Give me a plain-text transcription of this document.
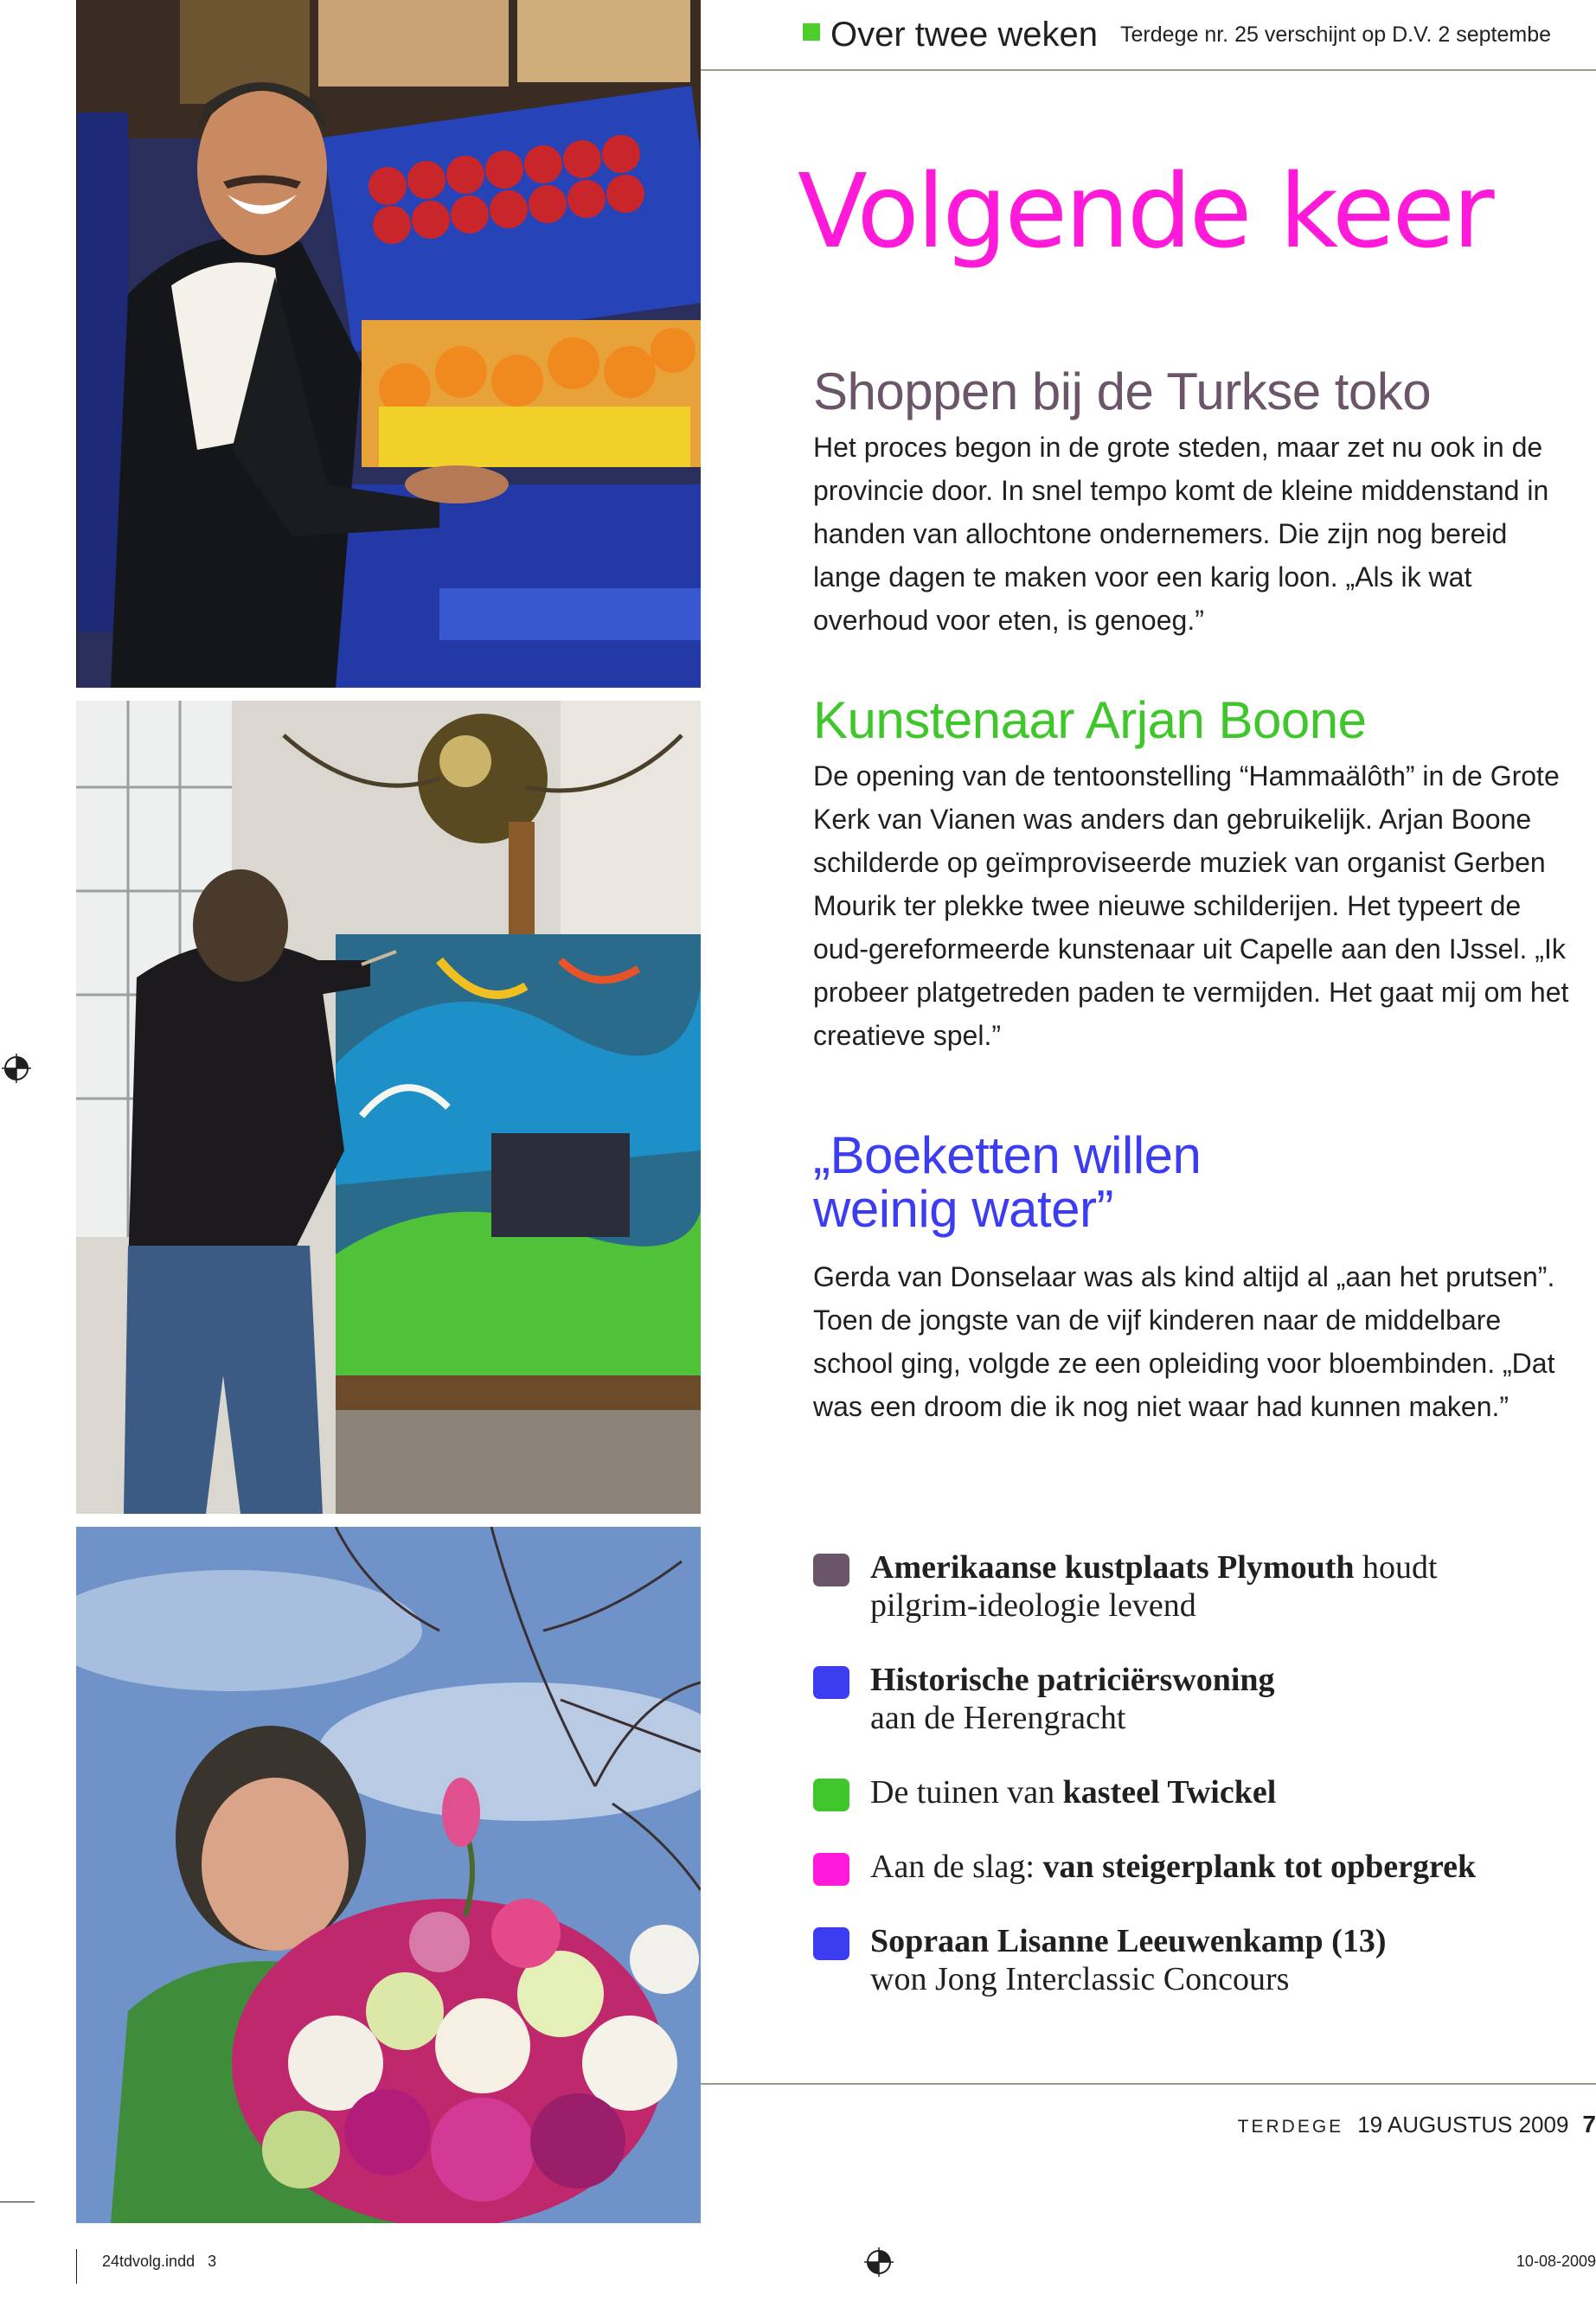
Over twee weken Terdege nr. 25 verschijnt op D.V. 2 septembe
Volgende keer
Shoppen bij de Turkse toko

Het proces begon in de grote steden, maar zet nu ook in de provincie door. In snel tempo komt de kleine middenstand in handen van allochtone ondernemers. Die zijn nog bereid lange dagen te maken voor een karig loon. „Als ik wat overhoud voor eten, is genoeg.”

Kunstenaar Arjan Boone

De opening van de tentoonstelling “Hammaälôth” in de Grote Kerk van Vianen was anders dan gebruikelijk. Arjan Boone schilderde op geïmproviseerde muziek van organist Gerben Mourik ter plekke twee nieuwe schilderijen. Het typeert de oud-gereformeerde kunstenaar uit Capelle aan den IJssel. „Ik probeer platgetreden paden te vermijden. Het gaat mij om het creatieve spel.”

„Boeketten willen
weinig water”

Gerda van Donselaar was als kind altijd al „aan het prutsen”. Toen de jongste van de vijf kinderen naar de middelbare school ging, volgde ze een opleiding voor bloembinden. „Dat was een droom die ik nog niet waar had kunnen maken.”

Amerikaanse kustplaats Plymouth houdt
pilgrim-ideologie levend
Historische patriciërswoning
aan de Herengracht
De tuinen van kasteel Twickel
Aan de slag: van steigerplank tot opbergrek
Sopraan Lisanne Leeuwenkamp (13)
won Jong Interclassic Concours
TERDEGE 19 AUGUSTUS 2009 7
24tdvolg.indd   3	10-08-2009
